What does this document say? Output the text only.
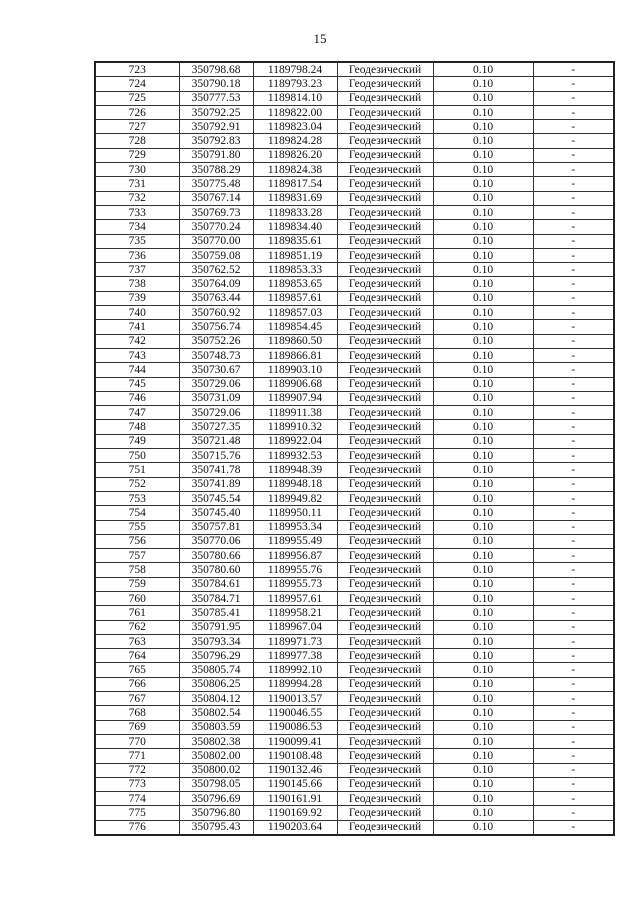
15
723	350798.68	1189798.24	Геодезический	0.10	-
724	350790.18	1189793.23	Геодезический	0.10	-
725	350777.53	1189814.10	Геодезический	0.10	-
726	350792.25	1189822.00	Геодезический	0.10	-
727	350792.91	1189823.04	Геодезический	0.10	-
728	350792.83	1189824.28	Геодезический	0.10	-
729	350791.80	1189826.20	Геодезический	0.10	-
730	350788.29	1189824.38	Геодезический	0.10	-
731	350775.48	1189817.54	Геодезический	0.10	-
732	350767.14	1189831.69	Геодезический	0.10	-
733	350769.73	1189833.28	Геодезический	0.10	-
734	350770.24	1189834.40	Геодезический	0.10	-
735	350770.00	1189835.61	Геодезический	0.10	-
736	350759.08	1189851.19	Геодезический	0.10	-
737	350762.52	1189853.33	Геодезический	0.10	-
738	350764.09	1189853.65	Геодезический	0.10	-
739	350763.44	1189857.61	Геодезический	0.10	-
740	350760.92	1189857.03	Геодезический	0.10	-
741	350756.74	1189854.45	Геодезический	0.10	-
742	350752.26	1189860.50	Геодезический	0.10	-
743	350748.73	1189866.81	Геодезический	0.10	-
744	350730.67	1189903.10	Геодезический	0.10	-
745	350729.06	1189906.68	Геодезический	0.10	-
746	350731.09	1189907.94	Геодезический	0.10	-
747	350729.06	1189911.38	Геодезический	0.10	-
748	350727.35	1189910.32	Геодезический	0.10	-
749	350721.48	1189922.04	Геодезический	0.10	-
750	350715.76	1189932.53	Геодезический	0.10	-
751	350741.78	1189948.39	Геодезический	0.10	-
752	350741.89	1189948.18	Геодезический	0.10	-
753	350745.54	1189949.82	Геодезический	0.10	-
754	350745.40	1189950.11	Геодезический	0.10	-
755	350757.81	1189953.34	Геодезический	0.10	-
756	350770.06	1189955.49	Геодезический	0.10	-
757	350780.66	1189956.87	Геодезический	0.10	-
758	350780.60	1189955.76	Геодезический	0.10	-
759	350784.61	1189955.73	Геодезический	0.10	-
760	350784.71	1189957.61	Геодезический	0.10	-
761	350785.41	1189958.21	Геодезический	0.10	-
762	350791.95	1189967.04	Геодезический	0.10	-
763	350793.34	1189971.73	Геодезический	0.10	-
764	350796.29	1189977.38	Геодезический	0.10	-
765	350805.74	1189992.10	Геодезический	0.10	-
766	350806.25	1189994.28	Геодезический	0.10	-
767	350804.12	1190013.57	Геодезический	0.10	-
768	350802.54	1190046.55	Геодезический	0.10	-
769	350803.59	1190086.53	Геодезический	0.10	-
770	350802.38	1190099.41	Геодезический	0.10	-
771	350802.00	1190108.48	Геодезический	0.10	-
772	350800.02	1190132.46	Геодезический	0.10	-
773	350798.05	1190145.66	Геодезический	0.10	-
774	350796.69	1190161.91	Геодезический	0.10	-
775	350796.80	1190169.92	Геодезический	0.10	-
776	350795.43	1190203.64	Геодезический	0.10	-
